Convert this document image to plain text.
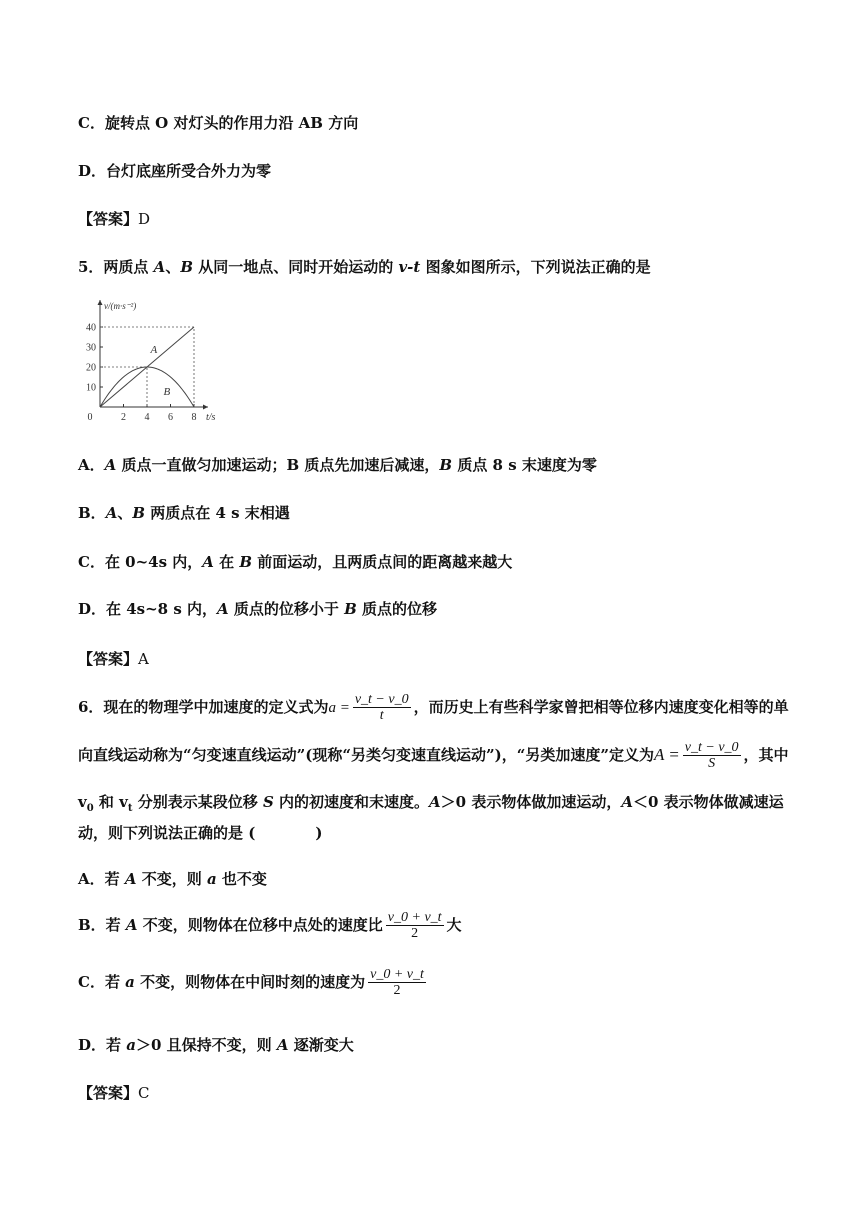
C．旋转点 O 对灯头的作用力沿 AB 方向
D．台灯底座所受合外力为零
【答案】D
5．两质点 A、B 从同一地点、同时开始运动的 v-t 图象如图所示，下列说法正确的是
v/(m·s⁻²)
t/s
0	2 4 6 8
10
20
30
40
A
B
A．A 质点一直做匀加速运动；B 质点先加速后减速，B 质点 8 s 末速度为零
B．A、B 两质点在 4 s 末相遇
C．在 0~4s 内，A 在 B 前面运动，且两质点间的距离越来越大
D．在 4s~8 s 内，A 质点的位移小于 B 质点的位移
【答案】A
6．现在的物理学中加速度的定义式为$a = \frac{v\_t - v\_0}{t}$ ，而历史上有些科学家曾把相等位移内速度变化相等的单
向直线运动称为“匀变速直线运动”(现称“另类匀变速直线运动”)，“另类加速度”定义为$A = \frac{v\_t - v\_0}{S}$ ，其中
$v_0$ 和 $v_t$ 分别表示某段位移 S 内的初速度和末速度。A＞0 表示物体做加速运动，A＜0 表示物体做减速运
动，则下列说法正确的是 (　　　　)
A．若 A 不变，则 a 也不变
B．若 A 不变，则物体在位移中点处的速度比 $\frac{v\_0 + v\_t}{2}$ 大
C．若 a 不变，则物体在中间时刻的速度为 $\frac{v\_0 + v\_t}{2}$
D．若 a＞0 且保持不变，则 A 逐渐变大
【答案】C
